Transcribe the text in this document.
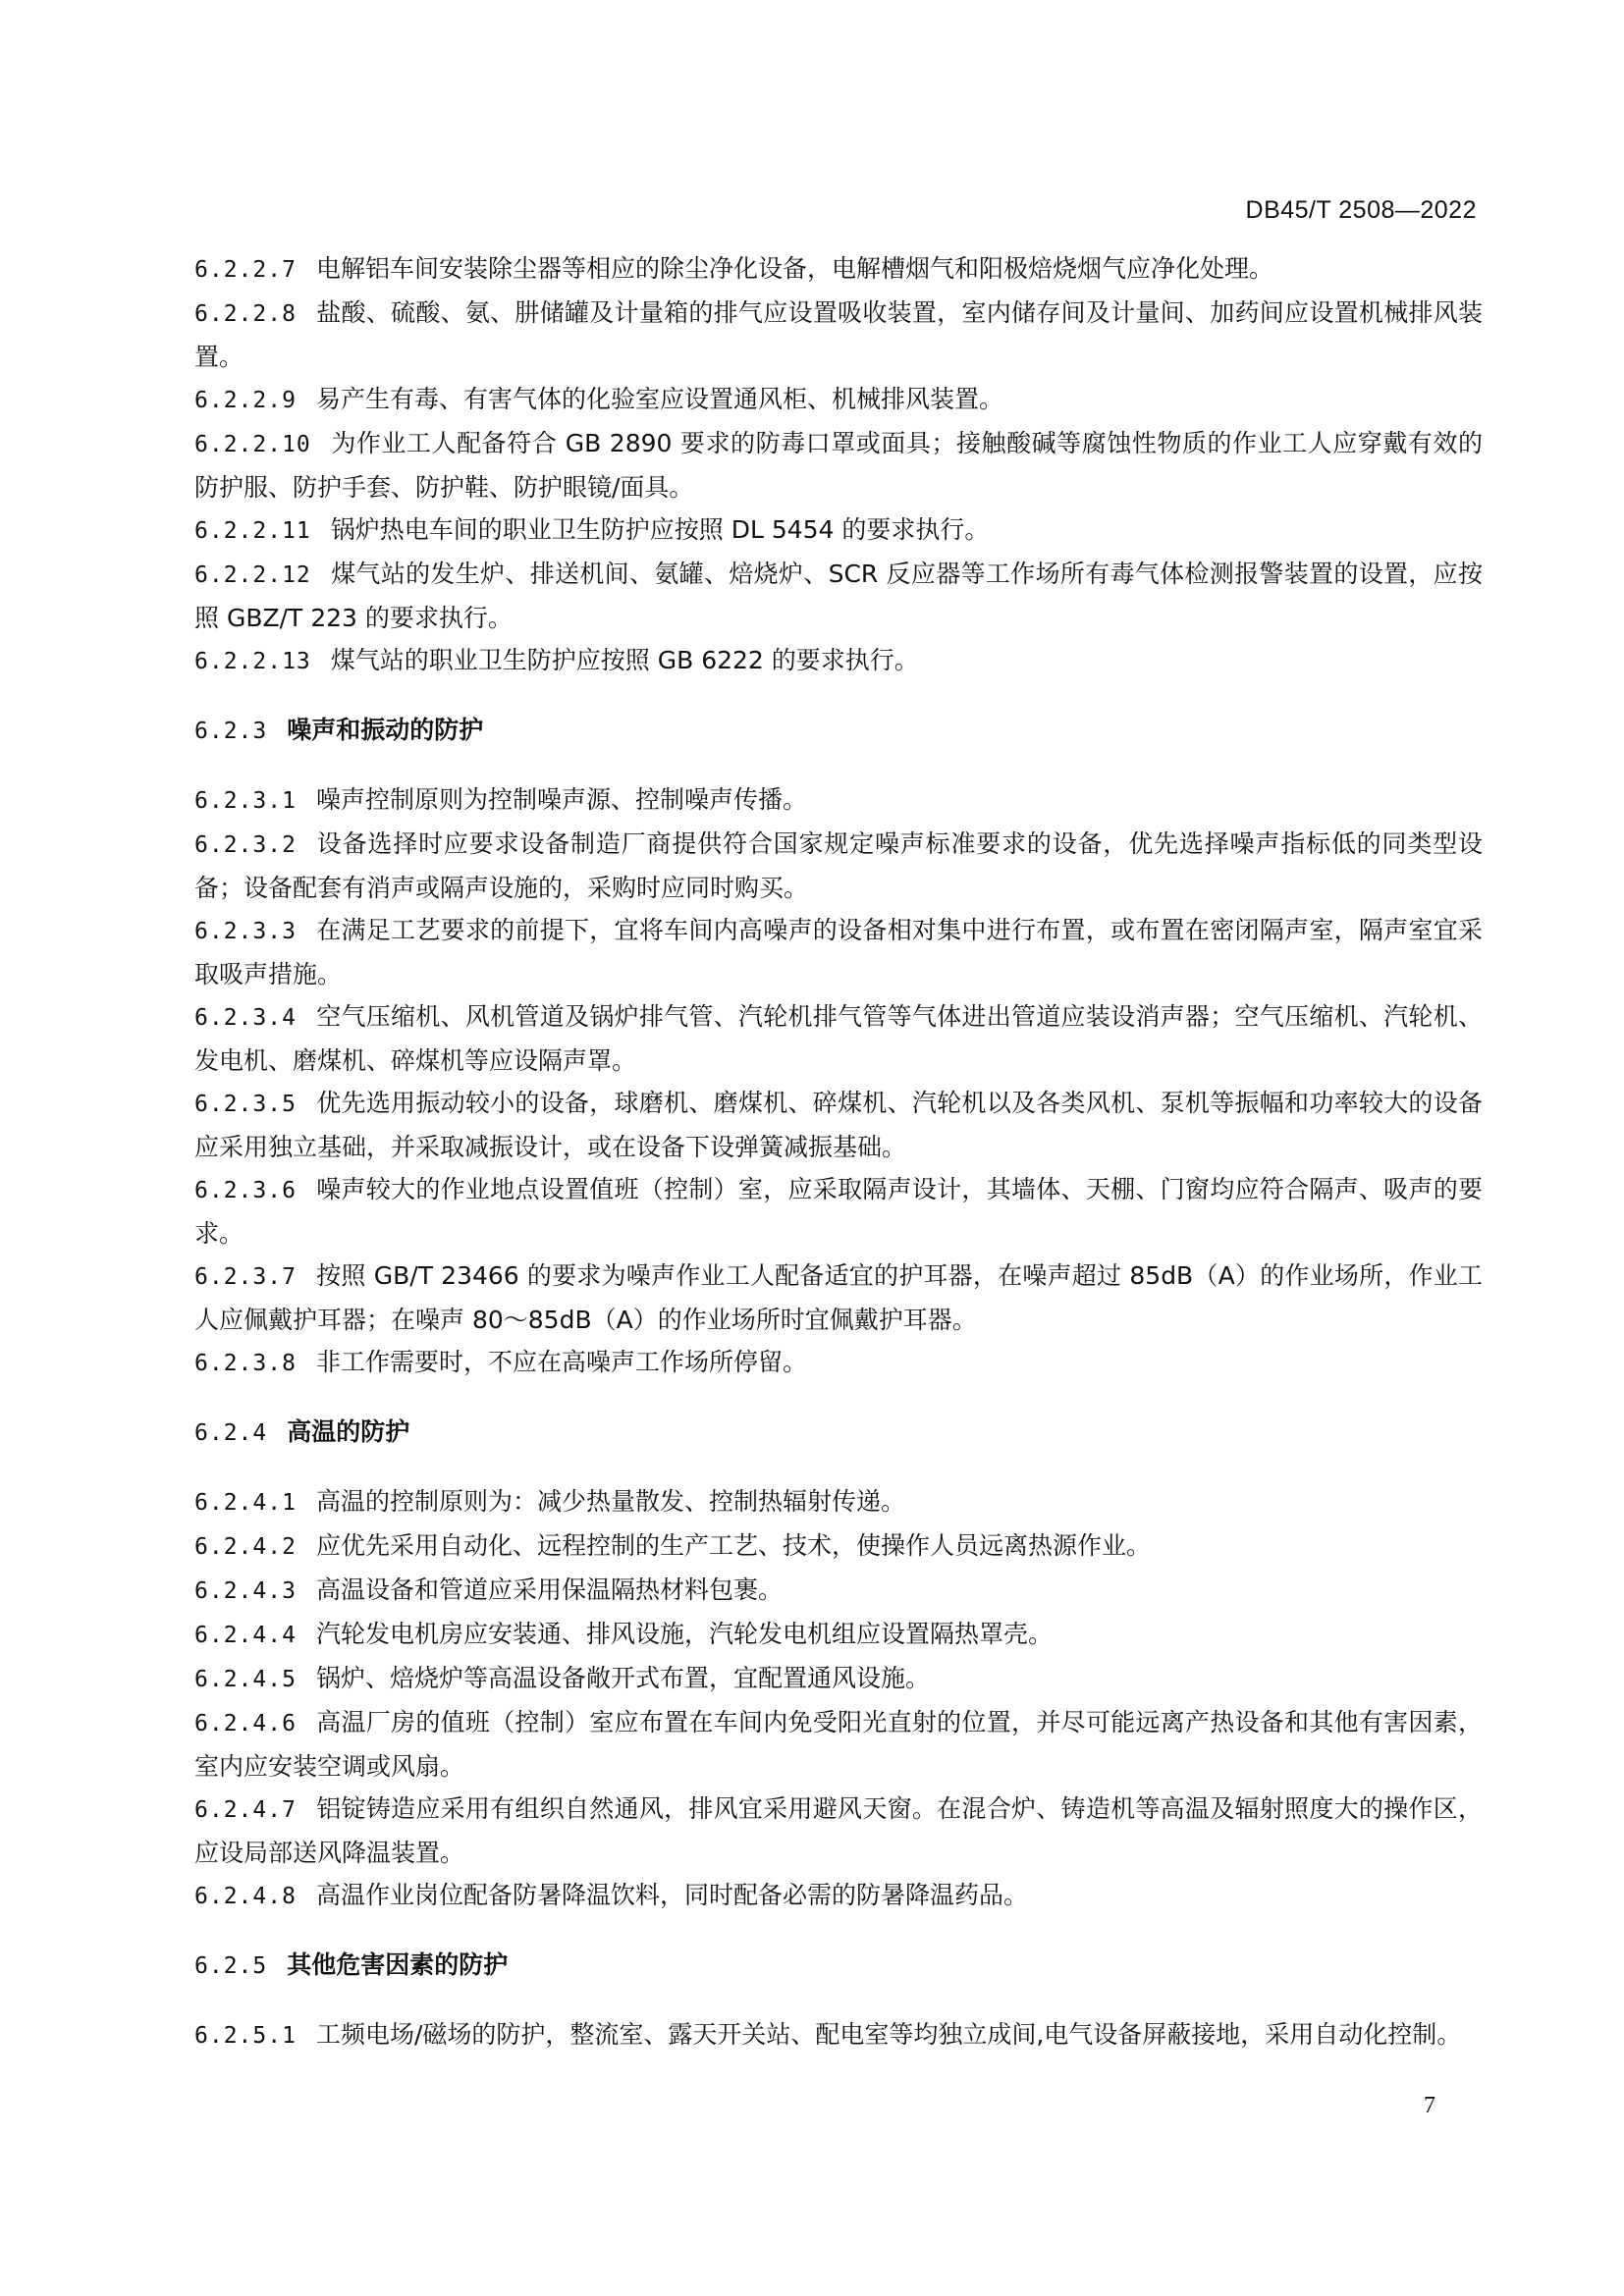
DB45/T 2508—2022
6.2.2.7 电解铝车间安装除尘器等相应的除尘净化设备，电解槽烟气和阳极焙烧烟气应净化处理。
6.2.2.8 盐酸、硫酸、氨、肼储罐及计量箱的排气应设置吸收装置，室内储存间及计量间、加药间应设置机械排风装置。
6.2.2.9 易产生有毒、有害气体的化验室应设置通风柜、机械排风装置。
6.2.2.10 为作业工人配备符合 GB 2890 要求的防毒口罩或面具；接触酸碱等腐蚀性物质的作业工人应穿戴有效的防护服、防护手套、防护鞋、防护眼镜/面具。
6.2.2.11 锅炉热电车间的职业卫生防护应按照 DL 5454 的要求执行。
6.2.2.12 煤气站的发生炉、排送机间、氨罐、焙烧炉、SCR 反应器等工作场所有毒气体检测报警装置的设置，应按照 GBZ/T 223 的要求执行。
6.2.2.13 煤气站的职业卫生防护应按照 GB 6222 的要求执行。
6.2.3 噪声和振动的防护
6.2.3.1 噪声控制原则为控制噪声源、控制噪声传播。
6.2.3.2 设备选择时应要求设备制造厂商提供符合国家规定噪声标准要求的设备，优先选择噪声指标低的同类型设备；设备配套有消声或隔声设施的，采购时应同时购买。
6.2.3.3 在满足工艺要求的前提下，宜将车间内高噪声的设备相对集中进行布置，或布置在密闭隔声室，隔声室宜采取吸声措施。
6.2.3.4 空气压缩机、风机管道及锅炉排气管、汽轮机排气管等气体进出管道应装设消声器；空气压缩机、汽轮机、发电机、磨煤机、碎煤机等应设隔声罩。
6.2.3.5 优先选用振动较小的设备，球磨机、磨煤机、碎煤机、汽轮机以及各类风机、泵机等振幅和功率较大的设备应采用独立基础，并采取减振设计，或在设备下设弹簧减振基础。
6.2.3.6 噪声较大的作业地点设置值班（控制）室，应采取隔声设计，其墙体、天棚、门窗均应符合隔声、吸声的要求。
6.2.3.7 按照 GB/T 23466 的要求为噪声作业工人配备适宜的护耳器，在噪声超过 85dB（A）的作业场所，作业工人应佩戴护耳器；在噪声 80～85dB（A）的作业场所时宜佩戴护耳器。
6.2.3.8 非工作需要时，不应在高噪声工作场所停留。
6.2.4 高温的防护
6.2.4.1 高温的控制原则为：减少热量散发、控制热辐射传递。
6.2.4.2 应优先采用自动化、远程控制的生产工艺、技术，使操作人员远离热源作业。
6.2.4.3 高温设备和管道应采用保温隔热材料包裹。
6.2.4.4 汽轮发电机房应安装通、排风设施，汽轮发电机组应设置隔热罩壳。
6.2.4.5 锅炉、焙烧炉等高温设备敞开式布置，宜配置通风设施。
6.2.4.6 高温厂房的值班（控制）室应布置在车间内免受阳光直射的位置，并尽可能远离产热设备和其他有害因素，室内应安装空调或风扇。
6.2.4.7 铝锭铸造应采用有组织自然通风，排风宜采用避风天窗。在混合炉、铸造机等高温及辐射照度大的操作区，应设局部送风降温装置。
6.2.4.8 高温作业岗位配备防暑降温饮料，同时配备必需的防暑降温药品。
6.2.5 其他危害因素的防护
6.2.5.1 工频电场/磁场的防护，整流室、露天开关站、配电室等均独立成间,电气设备屏蔽接地，采用自动化控制。
7
